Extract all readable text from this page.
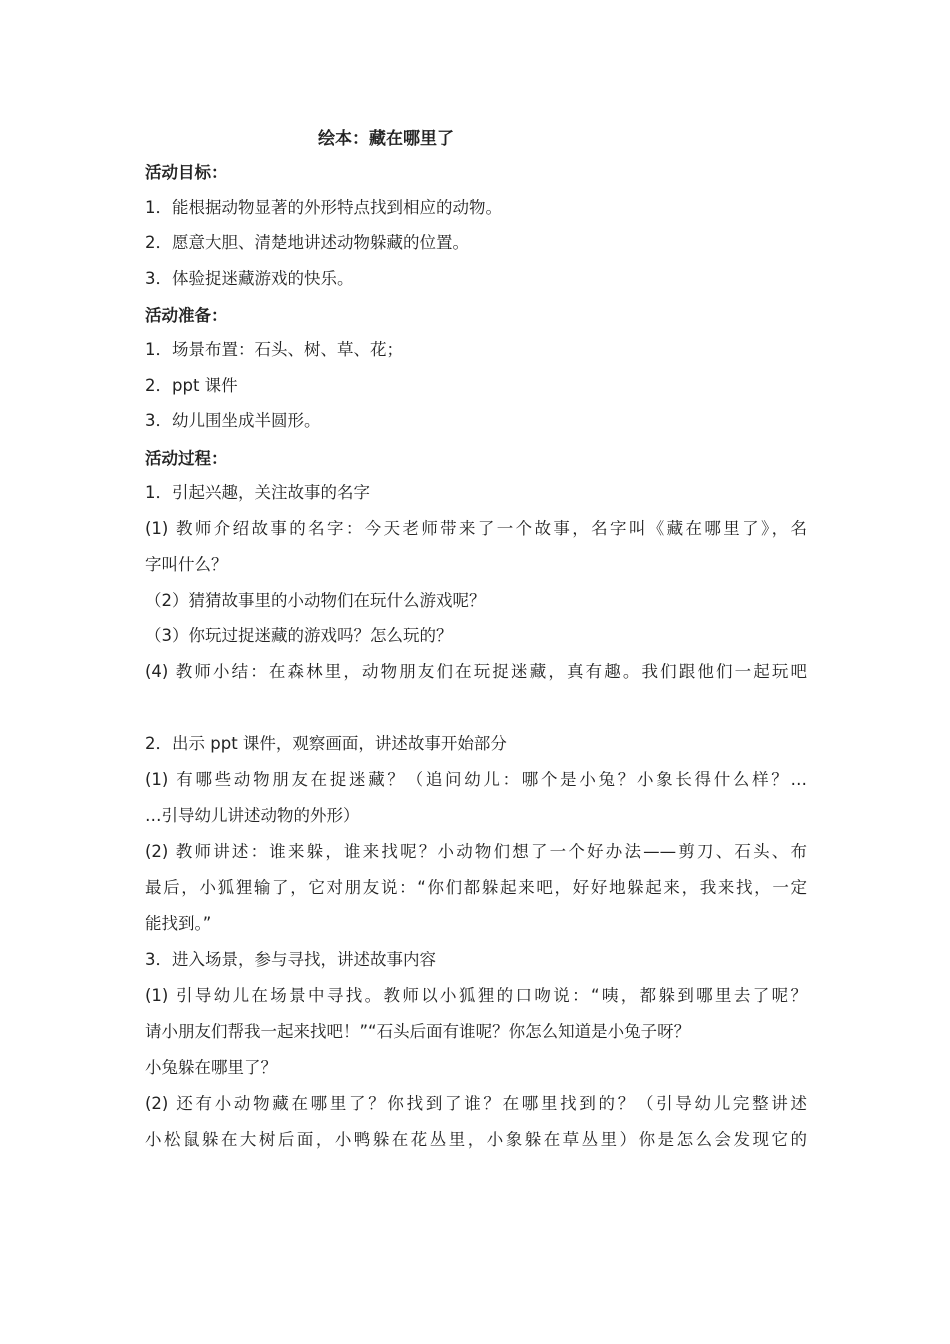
绘本：藏在哪里了
活动目标：
1．能根据动物显著的外形特点找到相应的动物。
2．愿意大胆、清楚地讲述动物躲藏的位置。
3．体验捉迷藏游戏的快乐。
活动准备：
1．场景布置：石头、树、草、花；
2．ppt 课件
3．幼儿围坐成半圆形。
活动过程：
1．引起兴趣，关注故事的名字
(1) 教师介绍故事的名字：今天老师带来了一个故事，名字叫《藏在哪里了》，名
字叫什么？
（2）猜猜故事里的小动物们在玩什么游戏呢？
（3）你玩过捉迷藏的游戏吗？怎么玩的？
(4) 教师小结：在森林里，动物朋友们在玩捉迷藏，真有趣。我们跟他们一起玩吧
2．出示 ppt 课件，观察画面，讲述故事开始部分
(1) 有哪些动物朋友在捉迷藏？（追问幼儿：哪个是小兔？小象长得什么样？…
…引导幼儿讲述动物的外形）
(2) 教师讲述：谁来躲，谁来找呢？小动物们想了一个好办法——剪刀、石头、布
最后，小狐狸输了，它对朋友说：“你们都躲起来吧，好好地躲起来，我来找，一定
能找到。”
3．进入场景，参与寻找，讲述故事内容
(1) 引导幼儿在场景中寻找。教师以小狐狸的口吻说：“咦，都躲到哪里去了呢？
请小朋友们帮我一起来找吧！”“石头后面有谁呢？你怎么知道是小兔子呀？
小兔躲在哪里了？
(2) 还有小动物藏在哪里了？你找到了谁？在哪里找到的？（引导幼儿完整讲述
小松鼠躲在大树后面，小鸭躲在花丛里，小象躲在草丛里）你是怎么会发现它的
